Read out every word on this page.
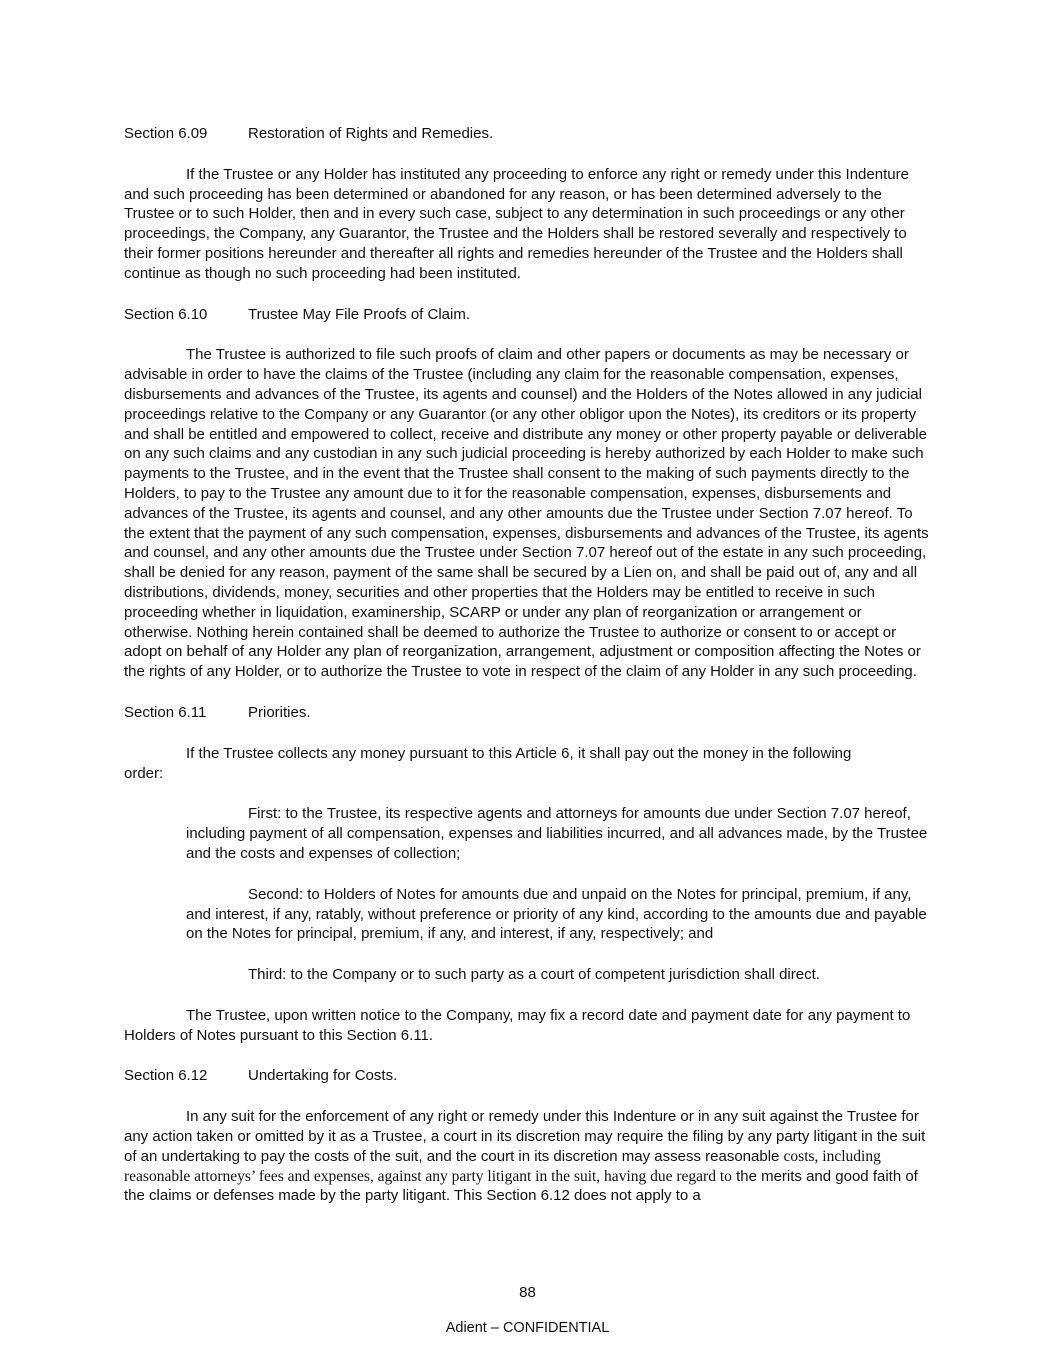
Section 6.09	Restoration of Rights and Remedies.

If the Trustee or any Holder has instituted any proceeding to enforce any right or remedy under this Indenture and such proceeding has been determined or abandoned for any reason, or has been determined adversely to the Trustee or to such Holder, then and in every such case, subject to any determination in such proceedings or any other proceedings, the Company, any Guarantor, the Trustee and the Holders shall be restored severally and respectively to their former positions hereunder and thereafter all rights and remedies hereunder of the Trustee and the Holders shall continue as though no such proceeding had been instituted.

Section 6.10	Trustee May File Proofs of Claim.

The Trustee is authorized to file such proofs of claim and other papers or documents as may be necessary or advisable in order to have the claims of the Trustee (including any claim for the reasonable compensation, expenses, disbursements and advances of the Trustee, its agents and counsel) and the Holders of the Notes allowed in any judicial proceedings relative to the Company or any Guarantor (or any other obligor upon the Notes), its creditors or its property and shall be entitled and empowered to collect, receive and distribute any money or other property payable or deliverable on any such claims and any custodian in any such judicial proceeding is hereby authorized by each Holder to make such payments to the Trustee, and in the event that the Trustee shall consent to the making of such payments directly to the Holders, to pay to the Trustee any amount due to it for the reasonable compensation, expenses, disbursements and advances of the Trustee, its agents and counsel, and any other amounts due the Trustee under Section 7.07 hereof. To the extent that the payment of any such compensation, expenses, disbursements and advances of the Trustee, its agents and counsel, and any other amounts due the Trustee under Section 7.07 hereof out of the estate in any such proceeding, shall be denied for any reason, payment of the same shall be secured by a Lien on, and shall be paid out of, any and all distributions, dividends, money, securities and other properties that the Holders may be entitled to receive in such proceeding whether in liquidation, examinership, SCARP or under any plan of reorganization or arrangement or otherwise. Nothing herein contained shall be deemed to authorize the Trustee to authorize or consent to or accept or adopt on behalf of any Holder any plan of reorganization, arrangement, adjustment or composition affecting the Notes or the rights of any Holder, or to authorize the Trustee to vote in respect of the claim of any Holder in any such proceeding.

Section 6.11	Priorities.

If the Trustee collects any money pursuant to this Article 6, it shall pay out the money in the following
order:

First: to the Trustee, its respective agents and attorneys for amounts due under Section 7.07 hereof, including payment of all compensation, expenses and liabilities incurred, and all advances made, by the Trustee and the costs and expenses of collection;

Second: to Holders of Notes for amounts due and unpaid on the Notes for principal, premium, if any, and interest, if any, ratably, without preference or priority of any kind, according to the amounts due and payable on the Notes for principal, premium, if any, and interest, if any, respectively; and

Third: to the Company or to such party as a court of competent jurisdiction shall direct.

The Trustee, upon written notice to the Company, may fix a record date and payment date for any payment to Holders of Notes pursuant to this Section 6.11.

Section 6.12	Undertaking for Costs.

In any suit for the enforcement of any right or remedy under this Indenture or in any suit against the Trustee for any action taken or omitted by it as a Trustee, a court in its discretion may require the filing by any party litigant in the suit of an undertaking to pay the costs of the suit, and the court in its discretion may assess reasonable costs, including reasonable attorneys’ fees and expenses, against any party litigant in the suit, having due regard to the merits and good faith of the claims or defenses made by the party litigant. This Section 6.12 does not apply to a

88
Adient – CONFIDENTIAL
